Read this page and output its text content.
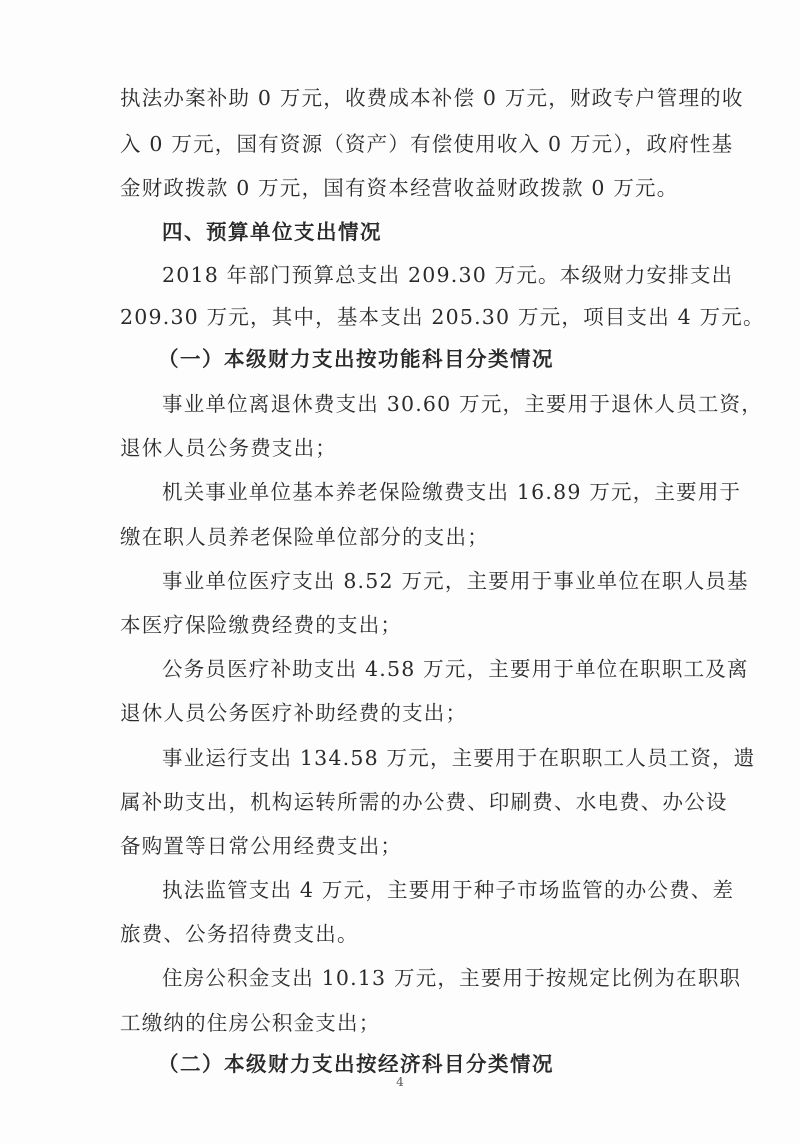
执法办案补助 0 万元，收费成本补偿 0 万元，财政专户管理的收
入 0 万元，国有资源（资产）有偿使用收入 0 万元），政府性基
金财政拨款 0 万元，国有资本经营收益财政拨款 0 万元。
四、预算单位支出情况
2018 年部门预算总支出 209.30 万元。本级财力安排支出
209.30 万元，其中，基本支出 205.30 万元，项目支出 4 万元。
（一）本级财力支出按功能科目分类情况
事业单位离退休费支出 30.60 万元，主要用于退休人员工资，
退休人员公务费支出；
机关事业单位基本养老保险缴费支出 16.89 万元，主要用于
缴在职人员养老保险单位部分的支出；
事业单位医疗支出 8.52 万元，主要用于事业单位在职人员基
本医疗保险缴费经费的支出；
公务员医疗补助支出 4.58 万元，主要用于单位在职职工及离
退休人员公务医疗补助经费的支出；
事业运行支出 134.58 万元，主要用于在职职工人员工资，遗
属补助支出，机构运转所需的办公费、印刷费、水电费、办公设
备购置等日常公用经费支出；
执法监管支出 4 万元，主要用于种子市场监管的办公费、差
旅费、公务招待费支出。
住房公积金支出 10.13 万元，主要用于按规定比例为在职职
工缴纳的住房公积金支出；
（二）本级财力支出按经济科目分类情况
4
